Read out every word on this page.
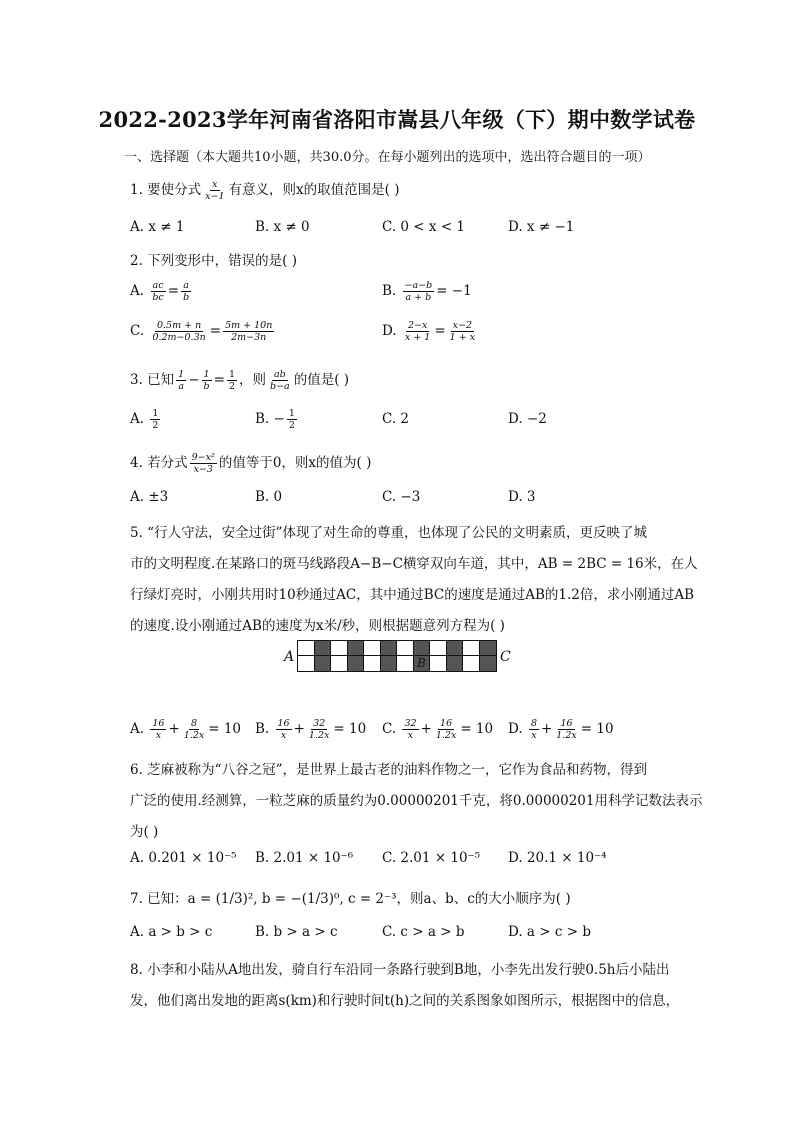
2022-2023学年河南省洛阳市嵩县八年级（下）期中数学试卷
一、选择题（本大题共10小题，共30.0分。在每小题列出的选项中，选出符合题目的一项）
1. 要使分式 $\frac{x}{x-1}$ 有意义，则x的取值范围是( )
A. x ≠ 1	B. x ≠ 0	C. 0 < x < 1	D. x ≠ −1
2. 下列变形中，错误的是( )
A. $\frac{ac}{bc} = \frac{a}{b}$	B. $\frac{-a-b}{a + b} = -1$
C. $\frac{0.5m + n}{0.2m-0.3n} = \frac{5m + 10n}{2m-3n}$	D. $\frac{2-x}{x + 1} = \frac{x-2}{1 + x}$
3. 已知 $\frac{1}{a} - \frac{1}{b} = \frac{1}{2}$ ，则 $\frac{ab}{b-a}$ 的值是( )
A. $\frac{1}{2}$	B. − $\frac{1}{2}$	C. 2	D. −2
4. 若分式 $\frac{\text{9−x²}}{x-3}$ 的值等于0，则x的值为( )
A. ±3	B. 0	C. −3	D. 3
5. “行人守法，安全过街”体现了对生命的尊重，也体现了公民的文明素质，更反映了城
市的文明程度.在某路口的斑马线路段A−B−C横穿双向车道，其中，AB = 2BC = 16米，在人
行绿灯亮时，小刚共用时10秒通过AC，其中通过BC的速度是通过AB的1.2倍，求小刚通过AB
的速度.设小刚通过AB的速度为x米/秒，则根据题意列方程为( )
A	B	C
A. $\frac{16}{x} + \frac{8}{1.2x} = 10$ B. $\frac{16}{x} + \frac{32}{1.2x} = 10$ C. $\frac{32}{x} + \frac{16}{1.2x} = 10$ D. $\frac{8}{x} + \frac{16}{1.2x} = 10$
6. 芝麻被称为“八谷之冠”，是世界上最古老的油料作物之一，它作为食品和药物，得到
广泛的使用.经测算，一粒芝麻的质量约为0.00000201千克，将0.00000201用科学记数法表示
为( )
A. 0.201 × 10⁻⁵ B. 2.01 × 10⁻⁶ C. 2.01 × 10⁻⁵ D. 20.1 × 10⁻⁴
7. 已知：a = (1/3)², b = −(1/3)⁰, c = 2⁻³，则a、b、c的大小顺序为( )
A. a > b > c	B. b > a > c	C. c > a > b	D. a > c > b
8. 小李和小陆从A地出发，骑自行车沿同一条路行驶到B地，小李先出发行驶0.5h后小陆出
发，他们离出发地的距离s(km)和行驶时间t(h)之间的关系图象如图所示，根据图中的信息，
